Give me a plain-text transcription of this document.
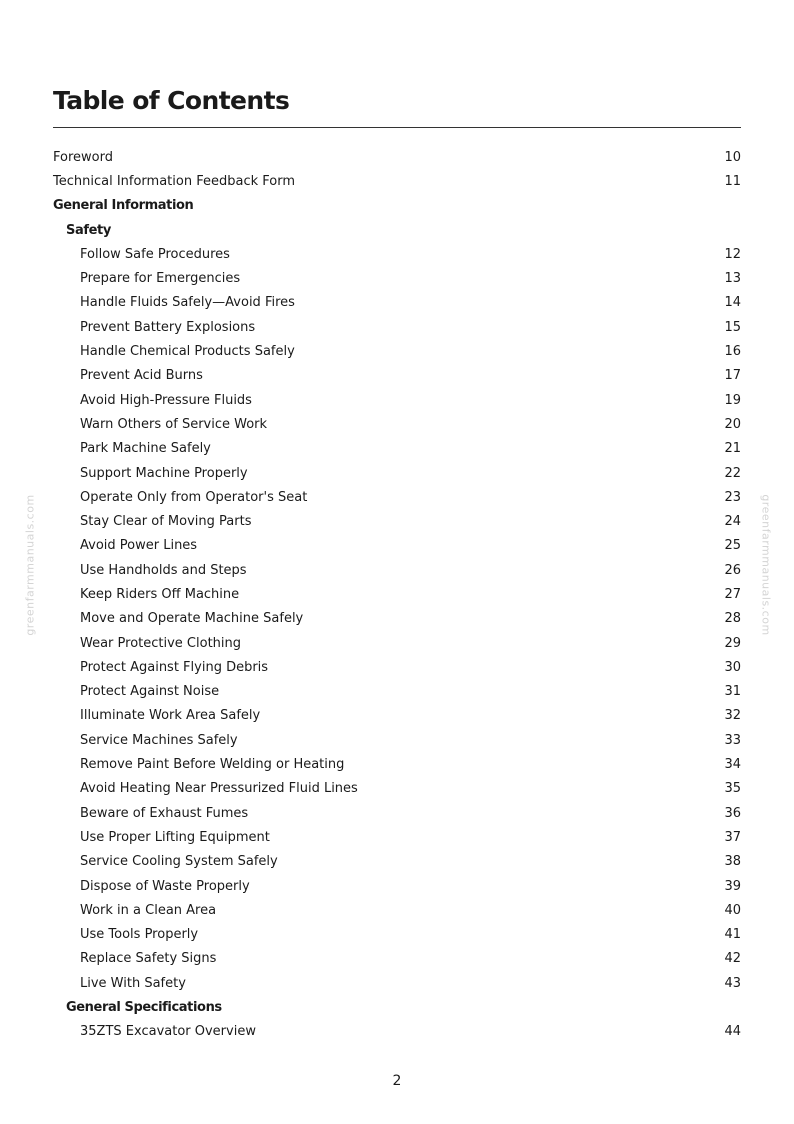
Table of Contents
Foreword	10
Technical Information Feedback Form	11
General Information
Safety
Follow Safe Procedures	12
Prepare for Emergencies	13
Handle Fluids Safely—Avoid Fires	14
Prevent Battery Explosions	15
Handle Chemical Products Safely	16
Prevent Acid Burns	17
Avoid High-Pressure Fluids	19
Warn Others of Service Work	20
Park Machine Safely	21
Support Machine Properly	22
Operate Only from Operator's Seat	23
Stay Clear of Moving Parts	24
Avoid Power Lines	25
Use Handholds and Steps	26
Keep Riders Off Machine	27
Move and Operate Machine Safely	28
Wear Protective Clothing	29
Protect Against Flying Debris	30
Protect Against Noise	31
Illuminate Work Area Safely	32
Service Machines Safely	33
Remove Paint Before Welding or Heating	34
Avoid Heating Near Pressurized Fluid Lines	35
Beware of Exhaust Fumes	36
Use Proper Lifting Equipment	37
Service Cooling System Safely	38
Dispose of Waste Properly	39
Work in a Clean Area	40
Use Tools Properly	41
Replace Safety Signs	42
Live With Safety	43
General Specifications
35ZTS Excavator Overview	44
greenfarmmanuals.com	greenfarmmanuals.com
2
